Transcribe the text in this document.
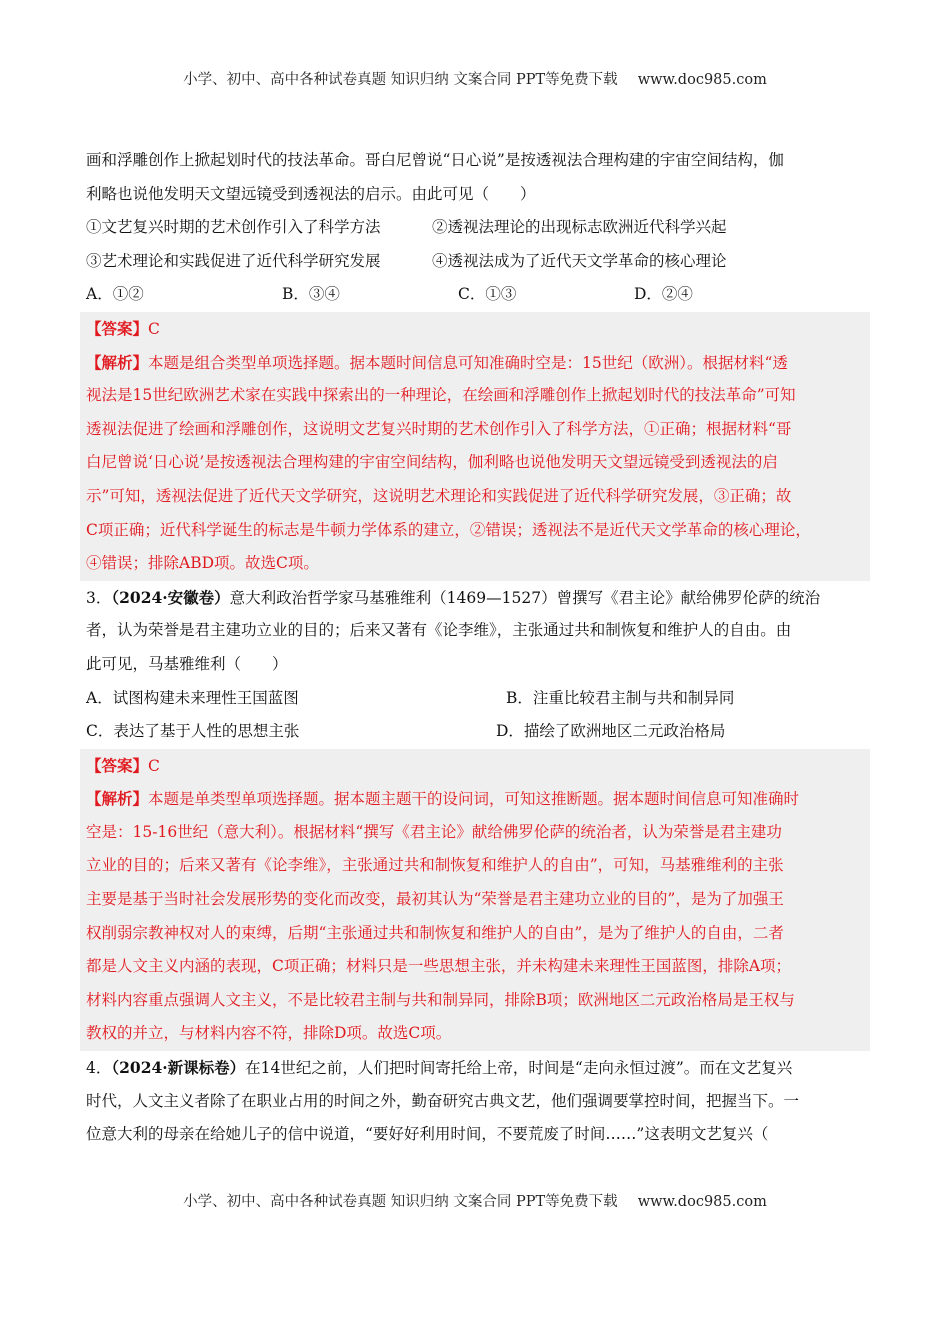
小学、初中、高中各种试卷真题 知识归纳 文案合同 PPT等免费下载 www.doc985.com
画和浮雕创作上掀起划时代的技法革命。哥白尼曾说“日心说”是按透视法合理构建的宇宙空间结构，伽
利略也说他发明天文望远镜受到透视法的启示。由此可见（　　）
①文艺复兴时期的艺术创作引入了科学方法	②透视法理论的出现标志欧洲近代科学兴起
③艺术理论和实践促进了近代科学研究发展	④透视法成为了近代天文学革命的核心理论
A．①②	B．③④	C．①③	D．②④
【答案】C
【解析】本题是组合类型单项选择题。据本题时间信息可知准确时空是：15世纪（欧洲）。根据材料“透
视法是15世纪欧洲艺术家在实践中探索出的一种理论，在绘画和浮雕创作上掀起划时代的技法革命”可知
透视法促进了绘画和浮雕创作，这说明文艺复兴时期的艺术创作引入了科学方法，①正确；根据材料“哥
白尼曾说‘日心说’是按透视法合理构建的宇宙空间结构，伽利略也说他发明天文望远镜受到透视法的启
示”可知，透视法促进了近代天文学研究，这说明艺术理论和实践促进了近代科学研究发展，③正确；故
C项正确；近代科学诞生的标志是牛顿力学体系的建立，②错误；透视法不是近代天文学革命的核心理论，
④错误；排除ABD项。故选C项。
3．（2024·安徽卷）意大利政治哲学家马基雅维利（1469—1527）曾撰写《君主论》献给佛罗伦萨的统治
者，认为荣誉是君主建功立业的目的；后来又著有《论李维》，主张通过共和制恢复和维护人的自由。由
此可见，马基雅维利（　　）
A．试图构建未来理性王国蓝图	B．注重比较君主制与共和制异同
C．表达了基于人性的思想主张	D．描绘了欧洲地区二元政治格局
【答案】C
【解析】本题是单类型单项选择题。据本题主题干的设问词，可知这推断题。据本题时间信息可知准确时
空是：15-16世纪（意大利）。根据材料“撰写《君主论》献给佛罗伦萨的统治者，认为荣誉是君主建功
立业的目的；后来又著有《论李维》，主张通过共和制恢复和维护人的自由”，可知，马基雅维利的主张
主要是基于当时社会发展形势的变化而改变，最初其认为“荣誉是君主建功立业的目的”，是为了加强王
权削弱宗教神权对人的束缚，后期“主张通过共和制恢复和维护人的自由”，是为了维护人的自由，二者
都是人文主义内涵的表现，C项正确；材料只是一些思想主张，并未构建未来理性王国蓝图，排除A项；
材料内容重点强调人文主义，不是比较君主制与共和制异同，排除B项；欧洲地区二元政治格局是王权与
教权的并立，与材料内容不符，排除D项。故选C项。
4．（2024·新课标卷）在14世纪之前，人们把时间寄托给上帝，时间是“走向永恒过渡”。而在文艺复兴
时代，人文主义者除了在职业占用的时间之外，勤奋研究古典文艺，他们强调要掌控时间，把握当下。一
位意大利的母亲在给她儿子的信中说道，“要好好利用时间，不要荒废了时间……”这表明文艺复兴（
小学、初中、高中各种试卷真题 知识归纳 文案合同 PPT等免费下载 www.doc985.com
